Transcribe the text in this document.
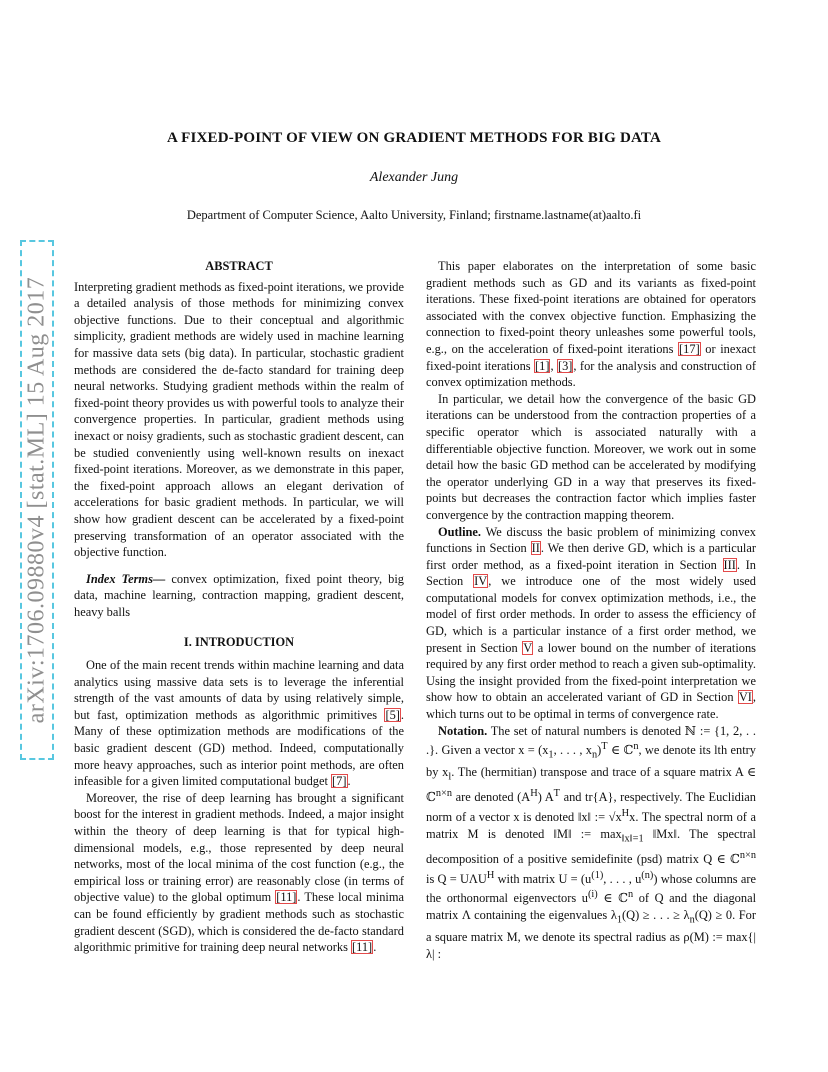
arXiv:1706.09880v4 [stat.ML] 15 Aug 2017
A FIXED-POINT OF VIEW ON GRADIENT METHODS FOR BIG DATA
Alexander Jung
Department of Computer Science, Aalto University, Finland; firstname.lastname(at)aalto.fi
ABSTRACT

Interpreting gradient methods as fixed-point iterations, we provide a detailed analysis of those methods for minimizing convex objective functions. Due to their conceptual and algorithmic simplicity, gradient methods are widely used in machine learning for massive data sets (big data). In particular, stochastic gradient methods are considered the de-facto standard for training deep neural networks. Studying gradient methods within the realm of fixed-point theory provides us with powerful tools to analyze their convergence properties. In particular, gradient methods using inexact or noisy gradients, such as stochastic gradient descent, can be studied conveniently using well-known results on inexact fixed-point iterations. Moreover, as we demonstrate in this paper, the fixed-point approach allows an elegant derivation of accelerations for basic gradient methods. In particular, we will show how gradient descent can be accelerated by a fixed-point preserving transformation of an operator associated with the objective function.

Index Terms— convex optimization, fixed point theory, big data, machine learning, contraction mapping, gradient descent, heavy balls

I. INTRODUCTION

One of the main recent trends within machine learning and data analytics using massive data sets is to leverage the inferential strength of the vast amounts of data by using relatively simple, but fast, optimization methods as algorithmic primitives [5]. Many of these optimization methods are modifications of the basic gradient descent (GD) method. Indeed, computationally more heavy approaches, such as interior point methods, are often infeasible for a given limited computational budget [7].

Moreover, the rise of deep learning has brought a significant boost for the interest in gradient methods. Indeed, a major insight within the theory of deep learning is that for typical high-dimensional models, e.g., those represented by deep neural networks, most of the local minima of the cost function (e.g., the empirical loss or training error) are reasonably close (in terms of objective value) to the global optimum [11]. These local minima can be found efficiently by gradient methods such as stochastic gradient descent (SGD), which is considered the de-facto standard algorithmic primitive for training deep neural networks [11].

This paper elaborates on the interpretation of some basic gradient methods such as GD and its variants as fixed-point iterations. These fixed-point iterations are obtained for operators associated with the convex objective function. Emphasizing the connection to fixed-point theory unleashes some powerful tools, e.g., on the acceleration of fixed-point iterations [17] or inexact fixed-point iterations [1], [3], for the analysis and construction of convex optimization methods.

In particular, we detail how the convergence of the basic GD iterations can be understood from the contraction properties of a specific operator which is associated naturally with a differentiable objective function. Moreover, we work out in some detail how the basic GD method can be accelerated by modifying the operator underlying GD in a way that preserves its fixed-points but decreases the contraction factor which implies faster convergence by the contraction mapping theorem.

Outline. We discuss the basic problem of minimizing convex functions in Section II. We then derive GD, which is a particular first order method, as a fixed-point iteration in Section III. In Section IV, we introduce one of the most widely used computational models for convex optimization methods, i.e., the model of first order methods. In order to assess the efficiency of GD, which is a particular instance of a first order method, we present in Section V a lower bound on the number of iterations required by any first order method to reach a given sub-optimality. Using the insight provided from the fixed-point interpretation we show how to obtain an accelerated variant of GD in Section VI, which turns out to be optimal in terms of convergence rate.

Notation. The set of natural numbers is denoted ℕ := {1, 2, . . .}. Given a vector $x = (x_1$, . . . , $x_n)^T$ ∈ ℂ$^n$, we denote its lth entry by $x_l$. The (hermitian) transpose and trace of a square matrix A ∈ ℂ$^{n\times n}$ are denoted $(A^H)$ $A^T$ and tr{A}, respectively. The Euclidian norm of a vector x is denoted ‖x‖ := $√x^Hx$. The spectral norm of a matrix M is denoted ‖M‖ := $\max_{‖x‖=1}$ ‖Mx‖. The spectral decomposition of a positive semidefinite (psd) matrix Q ∈ ℂ$^{n\times n}$ is $Q = U\Lambda U^H$ with matrix $U = (u^{(1)}$, . . . , $u^{(n)}$) whose columns are the orthonormal eigenvectors $u^{(i)}$ ∈ ℂ$^n$ of Q and the diagonal matrix Λ containing the eigenvalues $\lambda_1(Q)$ ≥ . . . ≥ $\lambda_n(Q) \ge 0$. For a square matrix M, we denote its spectral radius as ρ(M) := max{|λ| :
